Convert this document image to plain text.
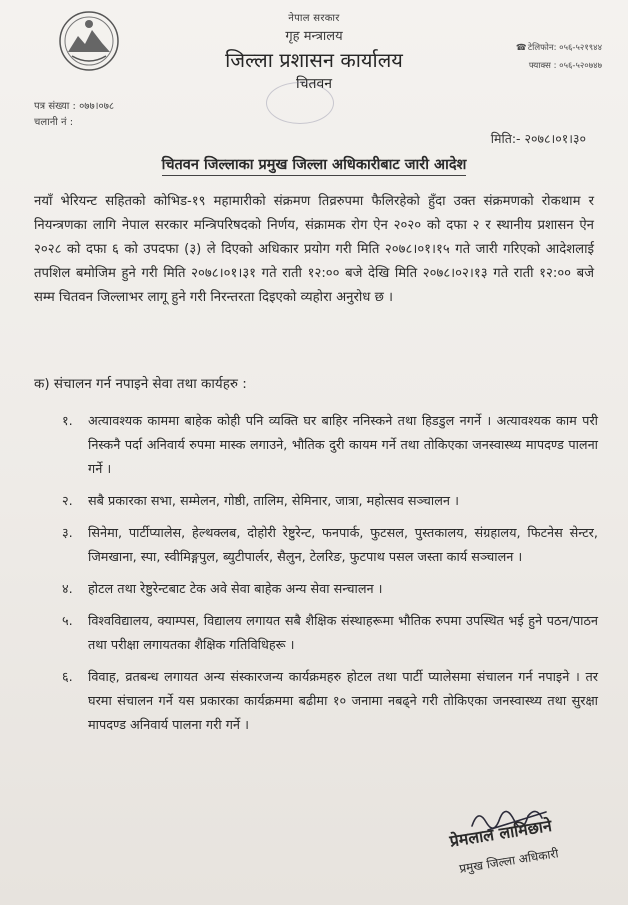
नेपाल सरकार
गृह मन्त्रालय
जिल्ला प्रशासन कार्यालय
चितवन
☎टेलिफोन: ०५६-५२१९४४
फ्याक्स : ०५६-५२०७४७
पत्र संख्या : ०७७।०७८
चलानी नं :
मिति:- २०७८।०१।३०
चितवन जिल्लाका प्रमुख जिल्ला अधिकारीबाट जारी आदेश
नयाँ भेरियन्ट सहितको कोभिड-१९ महामारीको संक्रमण तिव्ररुपमा फैलिरहेको हुँदा उक्त संक्रमणको रोकथाम र नियन्त्रणका लागि नेपाल सरकार मन्त्रिपरिषदको निर्णय, संक्रामक रोग ऐन २०२० को दफा २ र स्थानीय प्रशासन ऐन २०२८ को दफा ६ को उपदफा (३) ले दिएको अधिकार प्रयोग गरी मिति २०७८।०१।१५ गते जारी गरिएको आदेशलाई तपशिल बमोजिम हुने गरी मिति २०७८।०१।३१ गते राती १२:०० बजे देखि मिति २०७८।०२।१३ गते राती १२:०० बजे सम्म चितवन जिल्लाभर लागू हुने गरी निरन्तरता दिइएको व्यहोरा अनुरोध छ ।
क) संचालन गर्न नपाइने सेवा तथा कार्यहरु :
१.	अत्यावश्यक काममा बाहेक कोही पनि व्यक्ति घर बाहिर ननिस्कने तथा हिडडुल नगर्ने । अत्यावश्यक काम परी निस्कनै पर्दा अनिवार्य रुपमा मास्क लगाउने, भौतिक दुरी कायम गर्ने तथा तोकिएका जनस्वास्थ्य मापदण्ड पालना गर्ने ।
२.	सबै प्रकारका सभा, सम्मेलन, गोष्ठी, तालिम, सेमिनार, जात्रा, महोत्सव सञ्चालन ।
३.	सिनेमा, पार्टीप्यालेस, हेल्थक्लब, दोहोरी रेष्टुरेन्ट, फनपार्क, फुटसल, पुस्तकालय, संग्रहालय, फिटनेस सेन्टर, जिमखाना, स्पा, स्वीमिङ्गपुल, ब्युटीपार्लर, सैलुन, टेलरिङ, फुटपाथ पसल जस्ता कार्य सञ्चालन ।
४.	होटल तथा रेष्टुरेन्टबाट टेक अवे सेवा बाहेक अन्य सेवा सन्चालन ।
५.	विश्वविद्यालय, क्याम्पस, विद्यालय लगायत सबै शैक्षिक संस्थाहरूमा भौतिक रुपमा उपस्थित भई हुने पठन/पाठन तथा परीक्षा लगायतका शैक्षिक गतिविधिहरू ।
६.	विवाह, व्रतबन्ध लगायत अन्य संस्कारजन्य कार्यक्रमहरु होटल तथा पार्टी प्यालेसमा संचालन गर्न नपाइने । तर घरमा संचालन गर्ने यस प्रकारका कार्यक्रममा बढीमा १० जनामा नबढ्ने गरी तोकिएका जनस्वास्थ्य तथा सुरक्षा मापदण्ड अनिवार्य पालना गरी गर्ने ।
प्रेमलाल लामिछाने
प्रमुख जिल्ला अधिकारी
